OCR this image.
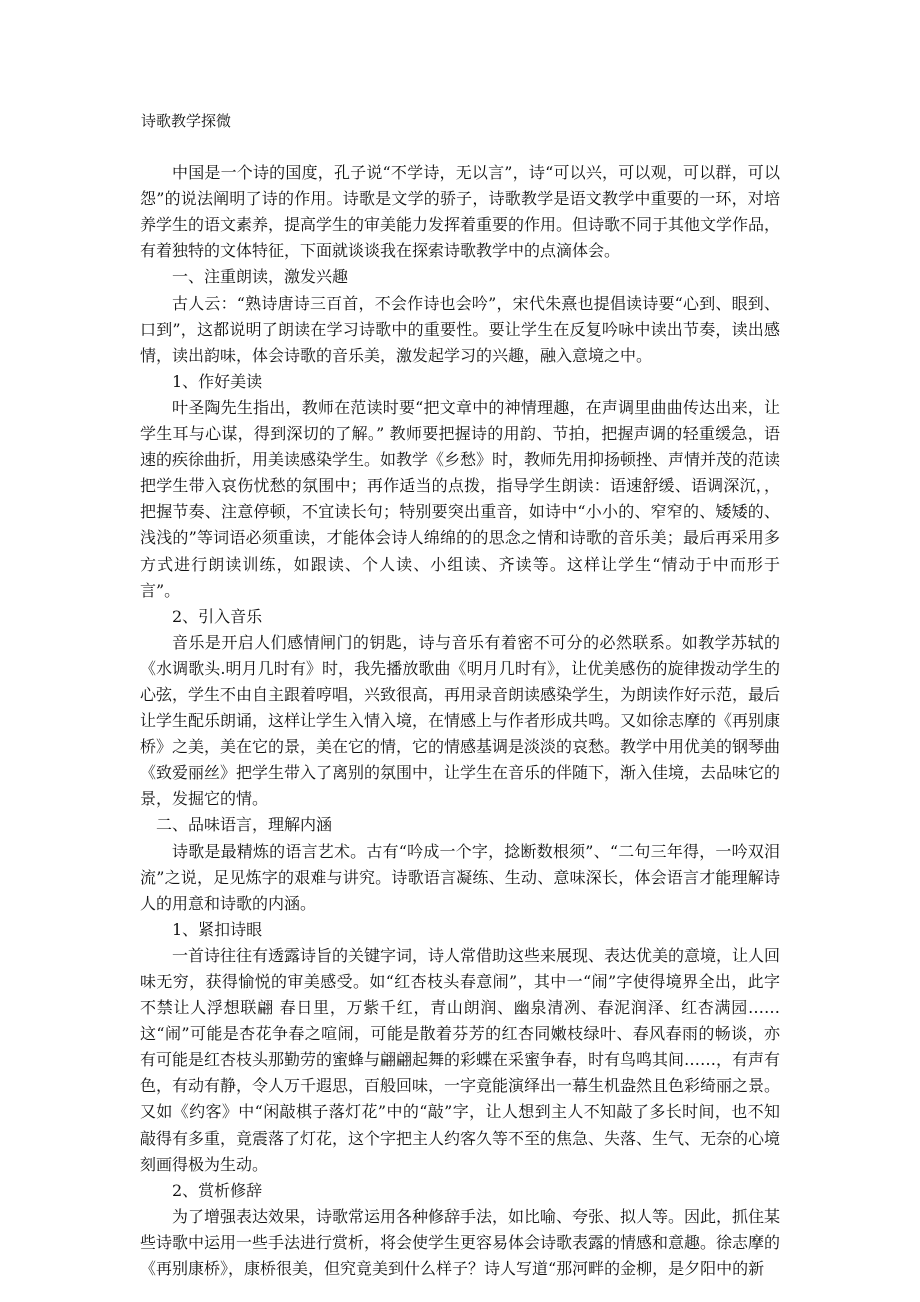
诗歌教学探微

中国是一个诗的国度，孔子说“不学诗，无以言”，诗“可以兴，可以观，可以群，可以怨”的说法阐明了诗的作用。诗歌是文学的骄子，诗歌教学是语文教学中重要的一环，对培养学生的语文素养，提高学生的审美能力发挥着重要的作用。但诗歌不同于其他文学作品，有着独特的文体特征，下面就谈谈我在探索诗歌教学中的点滴体会。

一、注重朗读，激发兴趣

古人云：“熟诗唐诗三百首，不会作诗也会吟”，宋代朱熹也提倡读诗要“心到、眼到、口到”，这都说明了朗读在学习诗歌中的重要性。要让学生在反复吟咏中读出节奏，读出感情，读出韵味，体会诗歌的音乐美，激发起学习的兴趣，融入意境之中。

1、作好美读

叶圣陶先生指出，教师在范读时要“把文章中的神情理趣，在声调里曲曲传达出来，让学生耳与心谋，得到深切的了解。” 教师要把握诗的用韵、节拍，把握声调的轻重缓急，语速的疾徐曲折，用美读感染学生。如教学《乡愁》时，教师先用抑扬顿挫、声情并茂的范读把学生带入哀伤忧愁的氛围中；再作适当的点拨，指导学生朗读：语速舒缓、语调深沉，，把握节奏、注意停顿，不宜读长句；特别要突出重音，如诗中“小小的、窄窄的、矮矮的、浅浅的”等词语必须重读，才能体会诗人绵绵的的思念之情和诗歌的音乐美；最后再采用多方式进行朗读训练，如跟读、个人读、小组读、齐读等。这样让学生“情动于中而形于言”。

2、引入音乐

音乐是开启人们感情闸门的钥匙，诗与音乐有着密不可分的必然联系。如教学苏轼的《水调歌头.明月几时有》时，我先播放歌曲《明月几时有》，让优美感伤的旋律拨动学生的心弦，学生不由自主跟着哼唱，兴致很高，再用录音朗读感染学生，为朗读作好示范，最后让学生配乐朗诵，这样让学生入情入境，在情感上与作者形成共鸣。又如徐志摩的《再别康桥》之美，美在它的景，美在它的情，它的情感基调是淡淡的哀愁。教学中用优美的钢琴曲《致爱丽丝》把学生带入了离别的氛围中，让学生在音乐的伴随下，渐入佳境，去品味它的景，发掘它的情。

二、品味语言，理解内涵

诗歌是最精炼的语言艺术。古有“吟成一个字，捻断数根须”、“二句三年得，一吟双泪流”之说，足见炼字的艰难与讲究。诗歌语言凝练、生动、意味深长，体会语言才能理解诗人的用意和诗歌的内涵。

1、紧扣诗眼

一首诗往往有透露诗旨的关键字词，诗人常借助这些来展现、表达优美的意境，让人回味无穷，获得愉悦的审美感受。如“红杏枝头春意闹”，其中一“闹”字使得境界全出，此字不禁让人浮想联翩 春日里，万紫千红，青山朗润、幽泉清冽、春泥润泽、红杏满园……这“闹”可能是杏花争春之喧闹，可能是散着芬芳的红杏同嫩枝绿叶、春风春雨的畅谈，亦有可能是红杏枝头那勤劳的蜜蜂与翩翩起舞的彩蝶在采蜜争春，时有鸟鸣其间……，有声有色，有动有静，令人万千遐思，百般回味，一字竟能演绎出一幕生机盎然且色彩绮丽之景。又如《约客》中“闲敲棋子落灯花”中的“敲”字，让人想到主人不知敲了多长时间，也不知敲得有多重，竟震落了灯花，这个字把主人约客久等不至的焦急、失落、生气、无奈的心境刻画得极为生动。

2、赏析修辞

为了增强表达效果，诗歌常运用各种修辞手法，如比喻、夸张、拟人等。因此，抓住某些诗歌中运用一些手法进行赏析，将会使学生更容易体会诗歌表露的情感和意趣。徐志摩的《再别康桥》，康桥很美，但究竟美到什么样子？诗人写道“那河畔的金柳，是夕阳中的新
